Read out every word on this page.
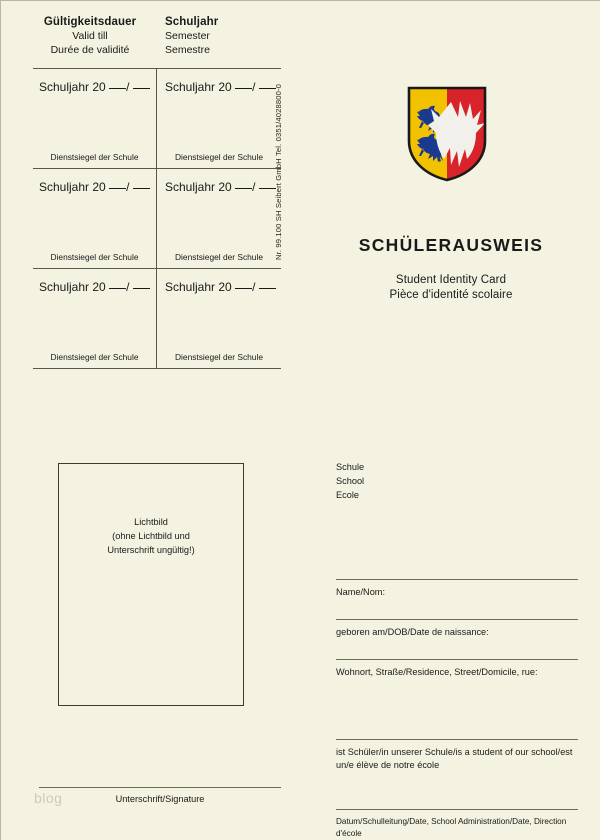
Gültigkeitsdauer
Valid till
Durée de validité
Schuljahr
Semester
Semestre
Schuljahr 20 /
Dienstsiegel der Schule
Schuljahr 20 /
Dienstsiegel der Schule
Schuljahr 20 /
Dienstsiegel der Schule
Schuljahr 20 /
Dienstsiegel der Schule
Schuljahr 20 /
Dienstsiegel der Schule
Schuljahr 20 /
Dienstsiegel der Schule
Nr. 99.100 SH Seibert GmbH Tel. 0351/4028800-0	SCHÜLERAUSWEIS
Student Identity Card
Pièce d'identité scolaire
Schule
School
Ecole
Name/Nom:
geboren am/DOB/Date de naissance:
Wohnort, Straße/Residence, Street/Domicile, rue:
ist Schüler/in unserer Schule/is a student of our school/est un/e élève de notre école
Datum/Schulleitung/Date, School Administration/Date, Direction d'école
Lichtbild
(ohne Lichtbild und
Unterschrift ungültig!)
Unterschrift/Signature
blog
